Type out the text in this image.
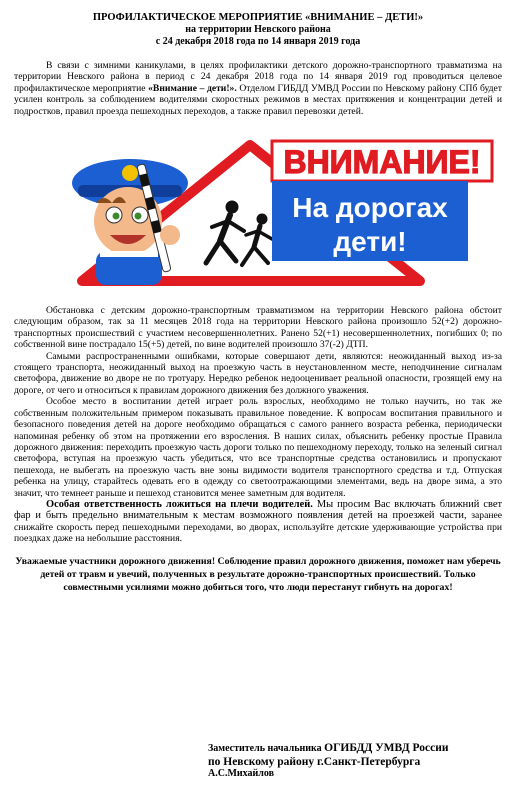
ПРОФИЛАКТИЧЕСКОЕ МЕРОПРИЯТИЕ «ВНИМАНИЕ – ДЕТИ!»

на территории Невского района

с 24 декабря 2018 года по 14 января 2019 года

В связи с зимними каникулами, в целях профилактики детского дорожно-транспортного травматизма на территории Невского района в период с 24 декабря 2018 года по 14 января 2019 год проводиться целевое профилактическое мероприятие «Внимание – дети!». Отделом ГИБДД УМВД России по Невскому району СПб будет усилен контроль за соблюдением водителями скоростных режимов в местах притяжения и концентрации детей и подростков, правил проезда пешеходных переходов, а также правил перевозки детей.

ВНИМАНИЕ!
На дорогах
дети!

Обстановка с детским дорожно-транспортным травматизмом на территории Невского района обстоит следующим образом, так за 11 месяцев 2018 года на территории Невского района произошло 52(+2) дорожно-транспортных происшествий с участием несовершеннолетних. Ранено 52(+1) несовершеннолетних, погибших 0; по собственной вине пострадало 15(+5) детей, по вине водителей произошло 37(-2) ДТП.

Самыми распространенными ошибками, которые совершают дети, являются: неожиданный выход из-за стоящего транспорта, неожиданный выход на проезжую часть в неустановленном месте, неподчинение сигналам светофора, движение во дворе не по тротуару. Нередко ребенок недооценивает реальной опасности, грозящей ему на дороге, от чего и относиться к правилам дорожного движения без должного уважения.

Особое место в воспитании детей играет роль взрослых, необходимо не только научить, но так же собственным положительным примером показывать правильное поведение. К вопросам воспитания правильного и безопасного поведения детей на дороге необходимо обращаться с самого раннего возраста ребенка, периодически напоминая ребенку об этом на протяжении его взросления. В наших силах, объяснить ребенку простые Правила дорожного движения: переходить проезжую часть дороги только по пешеходному переходу, только на зеленый сигнал светофора, вступая на проезжую часть убедиться, что все транспортные средства остановились и пропускают пешехода, не выбегать на проезжую часть вне зоны видимости водителя транспортного средства и т.д. Отпуская ребенка на улицу, старайтесь одевать его в одежду со светоотражающими элементами, ведь на дворе зима, а это значит, что темнеет раньше и пешеход становится менее заметным для водителя.

Особая ответственность ложиться на плечи водителей. Мы просим Вас включать ближний свет фар и быть предельно внимательным к местам возможного появления детей на проезжей части, заранее снижайте скорость перед пешеходными переходами, во дворах, используйте детские удерживающие устройства при поездках даже на небольшие расстояния.

Уважаемые участники дорожного движения! Соблюдение правил дорожного движения, поможет нам уберечь детей от травм и увечий, полученных в результате дорожно-транспортных происшествий. Только совместными усилиями можно добиться того, что люди перестанут гибнуть на дорогах!

Заместитель начальника ОГИБДД УМВД России
по Невскому району г.Санкт-Петербурга
А.С.Михайлов
